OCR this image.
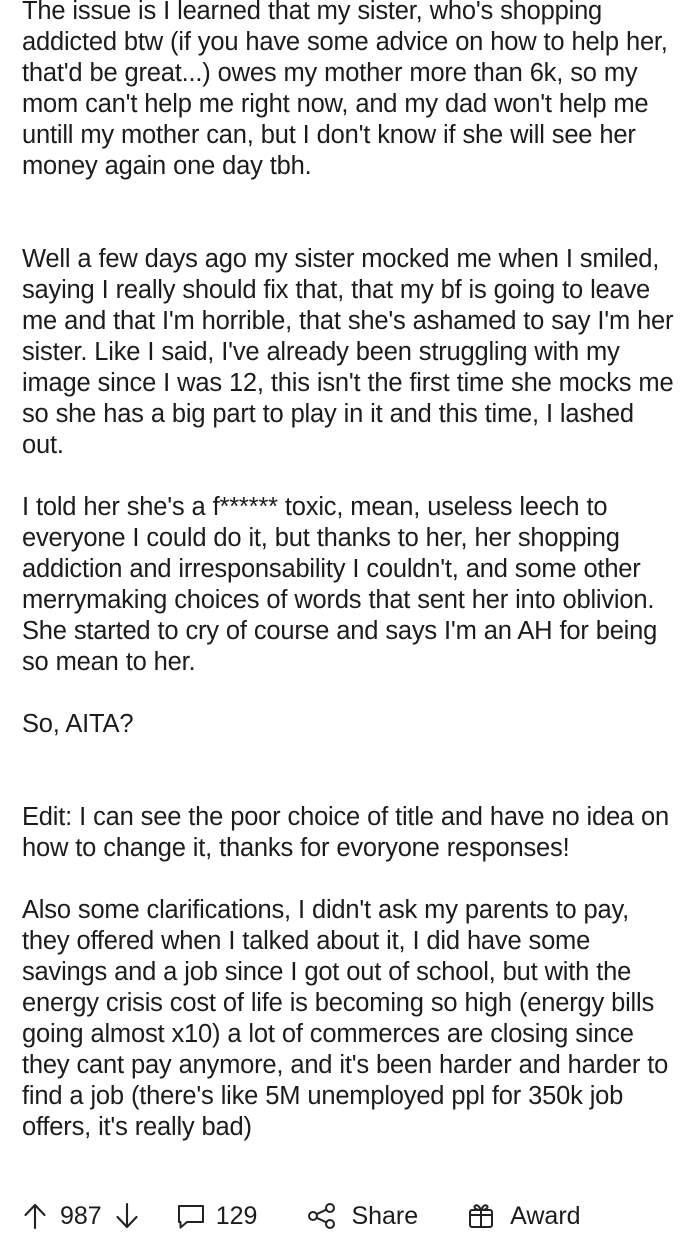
The issue is I learned that my sister, who's shopping addicted btw (if you have some advice on how to help her, that'd be great...) owes my mother more than 6k, so my mom can't help me right now, and my dad won't help me untill my mother can, but I don't know if she will see her money again one day tbh.

Well a few days ago my sister mocked me when I smiled, saying I really should fix that, that my bf is going to leave me and that I'm horrible, that she's ashamed to say I'm her sister. Like I said, I've already been struggling with my image since I was 12, this isn't the first time she mocks me so she has a big part to play in it and this time, I lashed out.

I told her she's a f****** toxic, mean, useless leech to everyone I could do it, but thanks to her, her shopping addiction and irresponsability I couldn't, and some other merrymaking choices of words that sent her into oblivion. She started to cry of course and says I'm an AH for being so mean to her.

So, AITA?

Edit: I can see the poor choice of title and have no idea on how to change it, thanks for evoryone responses!

Also some clarifications, I didn't ask my parents to pay, they offered when I talked about it, I did have some savings and a job since I got out of school, but with the energy crisis cost of life is becoming so high (energy bills going almost x10) a lot of commerces are closing since they cant pay anymore, and it's been harder and harder to find a job (there's like 5M unemployed ppl for 350k job offers, it's really bad)

987	129	Share	Award
